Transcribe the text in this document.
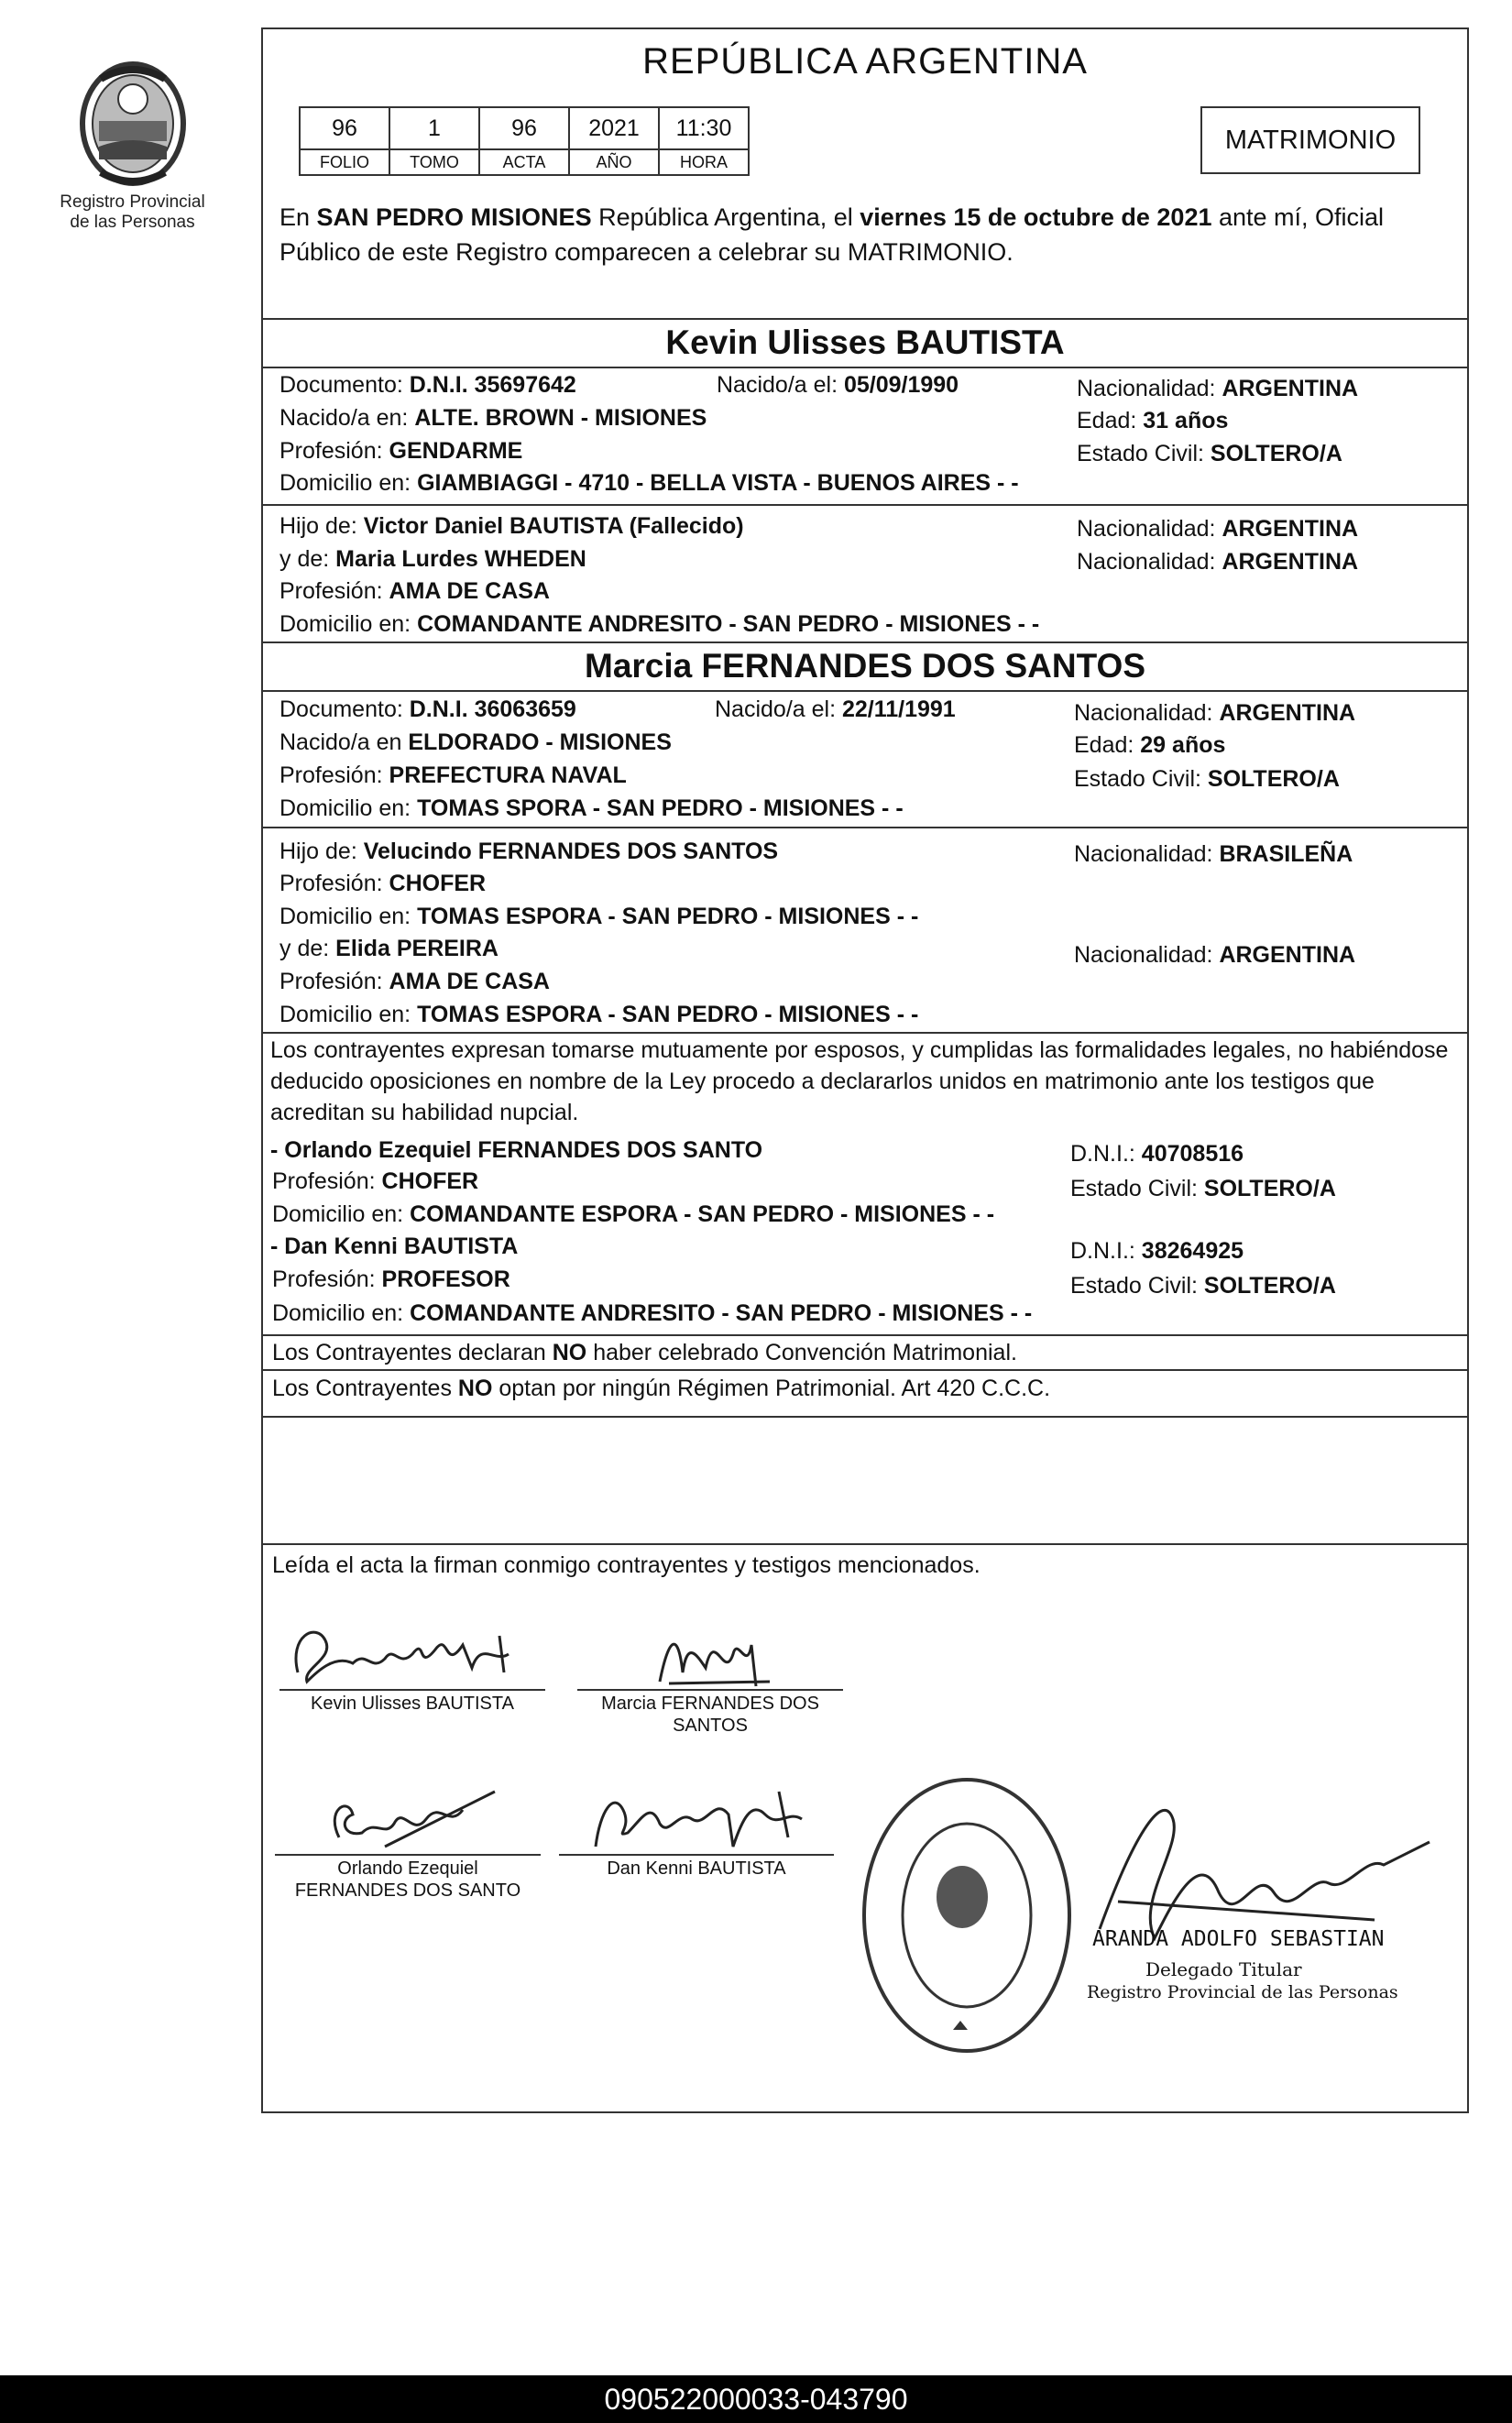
Registro Provincial
de las Personas
REPÚBLICA ARGENTINA
96	1	96	2021	11:30
FOLIO	TOMO	ACTA	AÑO	HORA
MATRIMONIO
En SAN PEDRO MISIONES República Argentina, el viernes 15 de octubre de 2021 ante mí, Oficial Público de este Registro comparecen a celebrar su MATRIMONIO.
Kevin Ulisses BAUTISTA
Documento: D.N.I. 35697642	Nacido/a el: 05/09/1990	Nacionalidad: ARGENTINA
Nacido/a en: ALTE. BROWN - MISIONES	Edad: 31 años
Profesión: GENDARME	Estado Civil: SOLTERO/A
Domicilio en: GIAMBIAGGI - 4710 - BELLA VISTA - BUENOS AIRES - -
Hijo de: Victor Daniel BAUTISTA (Fallecido)	Nacionalidad: ARGENTINA
y de: Maria Lurdes WHEDEN	Nacionalidad: ARGENTINA
Profesión: AMA DE CASA
Domicilio en: COMANDANTE ANDRESITO - SAN PEDRO - MISIONES - -
Marcia FERNANDES DOS SANTOS
Documento: D.N.I. 36063659	Nacido/a el: 22/11/1991	Nacionalidad: ARGENTINA
Nacido/a en ELDORADO - MISIONES	Edad: 29 años
Profesión: PREFECTURA NAVAL	Estado Civil: SOLTERO/A
Domicilio en: TOMAS SPORA - SAN PEDRO - MISIONES - -
Hijo de: Velucindo FERNANDES DOS SANTOS	Nacionalidad: BRASILEÑA
Profesión: CHOFER
Domicilio en: TOMAS ESPORA - SAN PEDRO - MISIONES - -
y de: Elida PEREIRA	Nacionalidad: ARGENTINA
Profesión: AMA DE CASA
Domicilio en: TOMAS ESPORA - SAN PEDRO - MISIONES - -
Los contrayentes expresan tomarse mutuamente por esposos, y cumplidas las formalidades legales, no habiéndose deducido oposiciones en nombre de la Ley procedo a declararlos unidos en matrimonio ante los testigos que acreditan su habilidad nupcial.
- Orlando Ezequiel FERNANDES DOS SANTO	D.N.I.: 40708516
Profesión: CHOFER	Estado Civil: SOLTERO/A
Domicilio en: COMANDANTE ESPORA - SAN PEDRO - MISIONES - -
- Dan Kenni BAUTISTA	D.N.I.: 38264925
Profesión: PROFESOR	Estado Civil: SOLTERO/A
Domicilio en: COMANDANTE ANDRESITO - SAN PEDRO - MISIONES - -
Los Contrayentes declaran NO haber celebrado Convención Matrimonial.
Los Contrayentes NO optan por ningún Régimen Patrimonial. Art 420 C.C.C.
Leída el acta la firman conmigo contrayentes y testigos mencionados.
Kevin Ulisses BAUTISTA	Marcia FERNANDES DOS
SANTOS
Orlando Ezequiel
FERNANDES DOS SANTO
Dan Kenni BAUTISTA
ARANDA ADOLFO SEBASTIAN
Delegado Titular
Registro Provincial de las Personas
090522000033-043790
